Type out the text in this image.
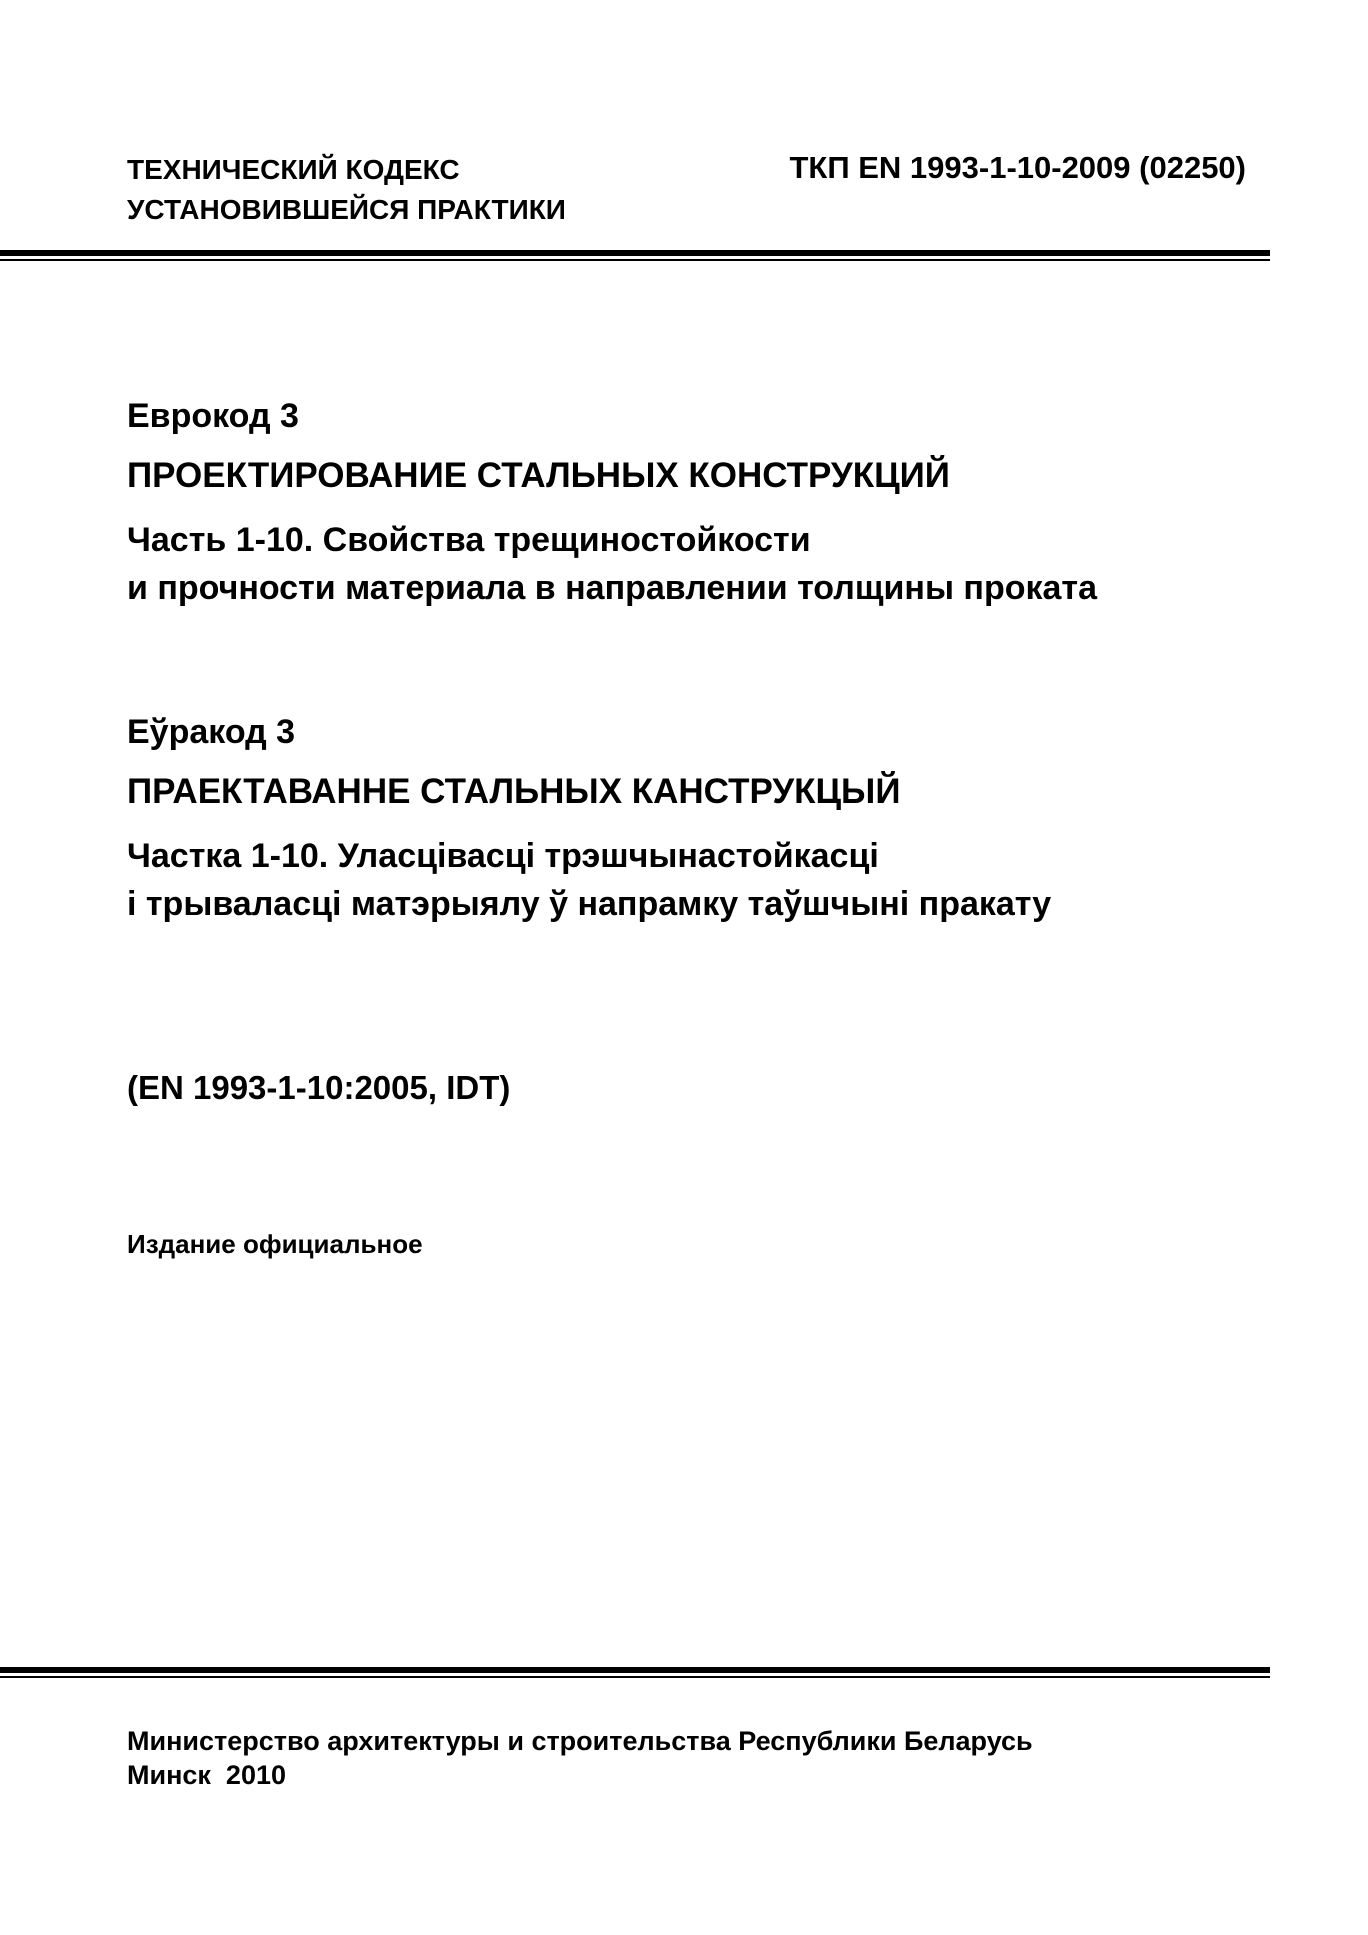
ТЕХНИЧЕСКИЙ КОДЕКС
УСТАНОВИВШЕЙСЯ ПРАКТИКИ
ТКП EN 1993-1-10-2009 (02250)
Еврокод 3
ПРОЕКТИРОВАНИЕ СТАЛЬНЫХ КОНСТРУКЦИЙ
Часть 1-10. Свойства трещиностойкости
и прочности материала в направлении толщины проката
Еўракод 3
ПРАЕКТАВАННЕ СТАЛЬНЫХ КАНСТРУКЦЫЙ
Частка 1-10. Уласцівасці трэшчынастойкасці
і трываласці матэрыялу ў напрамку таўшчыні пракату
(EN 1993-1-10:2005, IDT)
Издание официальное
Министерство архитектуры и строительства Республики Беларусь
Минск  2010
